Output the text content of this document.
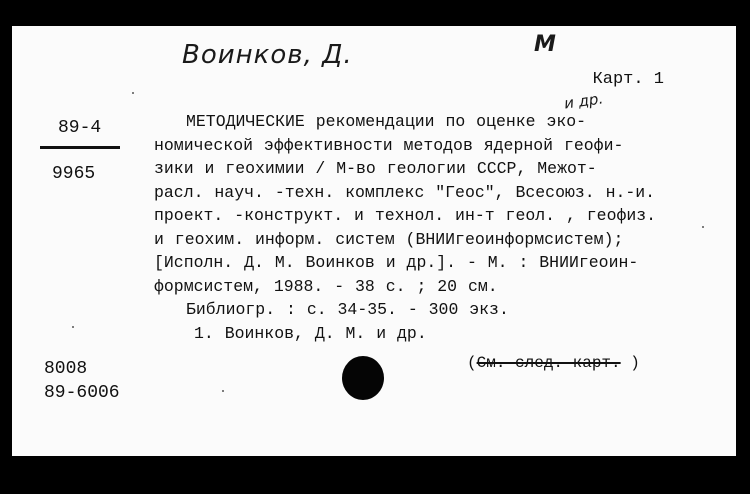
Воинков, Д.	М
и др.
Карт. 1
89-4
9965

МЕТОДИЧЕСКИЕ рекомендации по оценке эко-

номической эффективности методов ядерной геофи-

зики и геохимии / М-во геологии СССР, Межот-

расл. науч. -техн. комплекс "Геос", Всесоюз. н.-и.

проект. -конструкт. и технол. ин-т геол. , геофиз.

и геохим. информ. систем (ВНИИгеоинформсистем);

[Исполн. Д. М. Воинков и др.]. - М. : ВНИИгеоин-

формсистем, 1988. - 38 с. ; 20 см.

Библиогр. : с. 34-35. - 300 экз.

1. Воинков, Д. М. и др.

(См. след. карт. )
8008
89-6006
